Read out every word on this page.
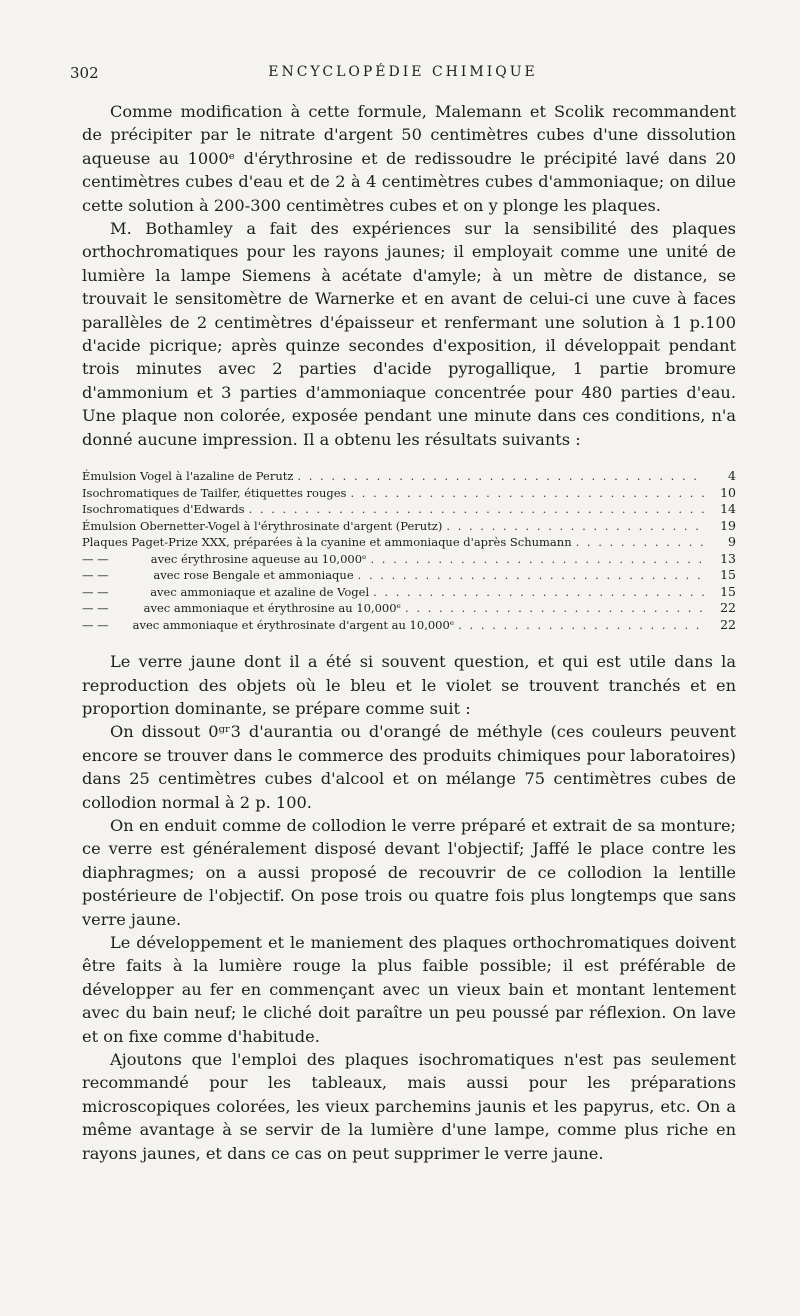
302	ENCYCLOPÉDIE CHIMIQUE

Comme modification à cette formule, Malemann et Scolik recommandent de précipiter par le nitrate d'argent 50 centimètres cubes d'une dissolution aqueuse au 1000ᵉ d'érythrosine et de redissoudre le précipité lavé dans 20 centimètres cubes d'eau et de 2 à 4 centimètres cubes d'ammoniaque; on dilue cette solution à 200-300 centimètres cubes et on y plonge les plaques.

M. Bothamley a fait des expériences sur la sensibilité des plaques orthochromatiques pour les rayons jaunes; il employait comme une unité de lumière la lampe Siemens à acétate d'amyle; à un mètre de distance, se trouvait le sensitomètre de Warnerke et en avant de celui-ci une cuve à faces parallèles de 2 centimètres d'épaisseur et renfermant une solution à 1 p.100 d'acide picrique; après quinze secondes d'exposition, il développait pendant trois minutes avec 2 parties d'acide pyrogallique, 1 partie bromure d'ammonium et 3 parties d'ammoniaque concentrée pour 480 parties d'eau. Une plaque non colorée, exposée pendant une minute dans ces conditions, n'a donné aucune impression. Il a obtenu les résultats suivants :

Émulsion Vogel à l'azaline de Perutz . . .	4
Isochromatiques de Tailfer, étiquettes rouges . . .	10
Isochromatiques d'Edwards . . .	14
Émulsion Obernetter-Vogel à l'érythrosinate d'argent (Perutz) . . .	19
Plaques Paget-Prize XXX, préparées à la cyanine et ammoniaque d'après Schumann . . .	9
— —	avec érythrosine aqueuse au 10,000ᵉ . . .	13
— —	avec rose Bengale et ammoniaque . . .	15
— —	avec ammoniaque et azaline de Vogel . . .	15
— —	avec ammoniaque et érythrosine au 10,000ᵉ . . .	22
— —	avec ammoniaque et érythrosinate d'argent au 10,000ᵉ . . .	22

Le verre jaune dont il a été si souvent question, et qui est utile dans la reproduction des objets où le bleu et le violet se trouvent tranchés et en proportion dominante, se prépare comme suit :

On dissout 0ᵍʳ3 d'aurantia ou d'orangé de méthyle (ces couleurs peuvent encore se trouver dans le commerce des produits chimiques pour laboratoires) dans 25 centimètres cubes d'alcool et on mélange 75 centimètres cubes de collodion normal à 2 p. 100.

On en enduit comme de collodion le verre préparé et extrait de sa monture; ce verre est généralement disposé devant l'objectif; Jaffé le place contre les diaphragmes; on a aussi proposé de recouvrir de ce collodion la lentille postérieure de l'objectif. On pose trois ou quatre fois plus longtemps que sans verre jaune.

Le développement et le maniement des plaques orthochromatiques doivent être faits à la lumière rouge la plus faible possible; il est préférable de développer au fer en commençant avec un vieux bain et montant lentement avec du bain neuf; le cliché doit paraître un peu poussé par réflexion. On lave et on fixe comme d'habitude.

Ajoutons que l'emploi des plaques isochromatiques n'est pas seulement recommandé pour les tableaux, mais aussi pour les préparations microscopiques colorées, les vieux parchemins jaunis et les papyrus, etc. On a même avantage à se servir de la lumière d'une lampe, comme plus riche en rayons jaunes, et dans ce cas on peut supprimer le verre jaune.
